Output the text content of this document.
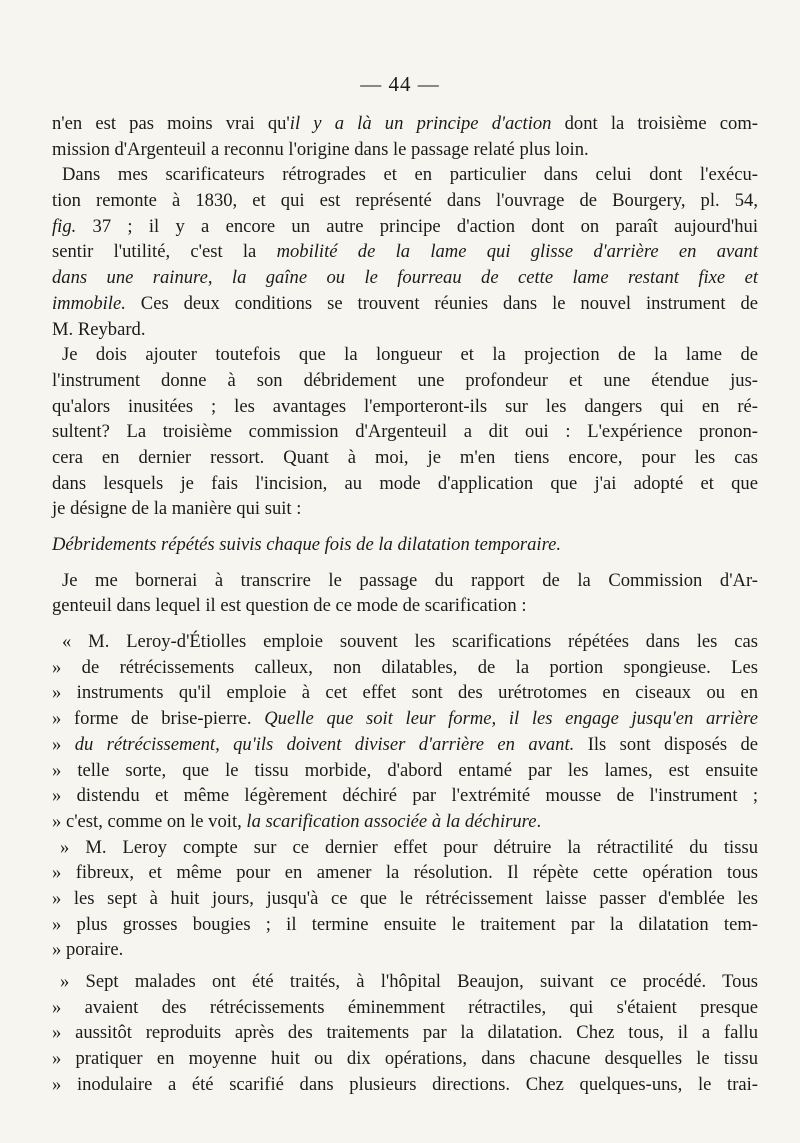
— 44 —
n'en est pas moins vrai qu'il y a là un principe d'action dont la troisième com-
mission d'Argenteuil a reconnu l'origine dans le passage relaté plus loin.
Dans mes scarificateurs rétrogrades et en particulier dans celui dont l'exécu-
tion remonte à 1830, et qui est représenté dans l'ouvrage de Bourgery, pl. 54,
fig. 37 ; il y a encore un autre principe d'action dont on paraît aujourd'hui
sentir l'utilité, c'est la mobilité de la lame qui glisse d'arrière en avant
dans une rainure, la gaîne ou le fourreau de cette lame restant fixe et
immobile. Ces deux conditions se trouvent réunies dans le nouvel instrument de
M. Reybard.
Je dois ajouter toutefois que la longueur et la projection de la lame de
l'instrument donne à son débridement une profondeur et une étendue jus-
qu'alors inusitées ; les avantages l'emporteront-ils sur les dangers qui en ré-
sultent? La troisième commission d'Argenteuil a dit oui : L'expérience pronon-
cera en dernier ressort. Quant à moi, je m'en tiens encore, pour les cas
dans lesquels je fais l'incision, au mode d'application que j'ai adopté et que
je désigne de la manière qui suit :
Débridements répétés suivis chaque fois de la dilatation temporaire.
Je me bornerai à transcrire le passage du rapport de la Commission d'Ar-
genteuil dans lequel il est question de ce mode de scarification :
« M. Leroy-d'Étiolles emploie souvent les scarifications répétées dans les cas
» de rétrécissements calleux, non dilatables, de la portion spongieuse. Les
» instruments qu'il emploie à cet effet sont des urétrotomes en ciseaux ou en
» forme de brise-pierre. Quelle que soit leur forme, il les engage jusqu'en arrière
» du rétrécissement, qu'ils doivent diviser d'arrière en avant. Ils sont disposés de
» telle sorte, que le tissu morbide, d'abord entamé par les lames, est ensuite
» distendu et même légèrement déchiré par l'extrémité mousse de l'instrument ;
» c'est, comme on le voit, la scarification associée à la déchirure.
» M. Leroy compte sur ce dernier effet pour détruire la rétractilité du tissu
» fibreux, et même pour en amener la résolution. Il répète cette opération tous
» les sept à huit jours, jusqu'à ce que le rétrécissement laisse passer d'emblée les
» plus grosses bougies ; il termine ensuite le traitement par la dilatation tem-
» poraire.
» Sept malades ont été traités, à l'hôpital Beaujon, suivant ce procédé. Tous
» avaient des rétrécissements éminemment rétractiles, qui s'étaient presque
» aussitôt reproduits après des traitements par la dilatation. Chez tous, il a fallu
» pratiquer en moyenne huit ou dix opérations, dans chacune desquelles le tissu
» inodulaire a été scarifié dans plusieurs directions. Chez quelques-uns, le trai-
